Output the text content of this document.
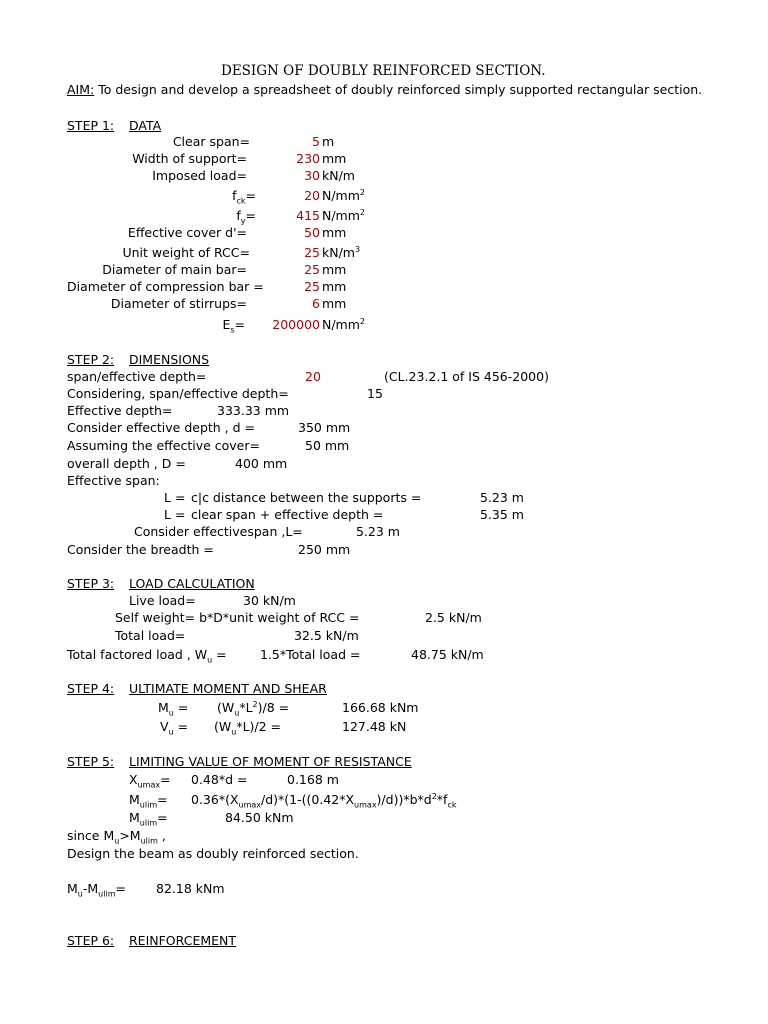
DESIGN OF DOUBLY REINFORCED SECTION.
AIM: To design and develop a spreadsheet of doubly reinforced simply supported rectangular section.
STEP 1: DATA
Clear span=	5 m
Width of support=	230 mm
Imposed load=	30 kN/m
$f_{ck}=$	20 $N/mm^2$
$f_y=$	415 $N/mm^2$
Effective cover d'=	50 mm
Unit weight of RCC=	25 $kN/m^3$
Diameter of main bar=	25 mm
Diameter of compression bar =	25 mm
Diameter of stirrups=	6 mm
$E_s= 200000$ $N/mm^2$
STEP 2: DIMENSIONS
span/effective depth=	20	(CL.23.2.1 of IS 456-2000)
Considering, span/effective depth=	15
Effective depth=	333.33 mm
Consider effective depth , d =	350 mm
Assuming the effective cover=	50 mm
overall depth , D =	400 mm
Effective span:
L = c|c distance between the supports =	5.23 m
L = clear span + effective depth =	5.35 m
Consider effectivespan ,L=	5.23 m
Consider the breadth =	250 mm
STEP 3: LOAD CALCULATION
Live load=	30 kN/m
Self weight= b*D*unit weight of RCC =	2.5 kN/m
Total load=	32.5 kN/m
Total factored load , $W_u$ =	1.5*Total load =	48.75 kN/m
STEP 4: ULTIMATE MOMENT AND SHEAR
$M_u = (W_u*L^2)/8$ =	166.68 kNm
$V_u = (W_u*L)/2$ =	127.48 kN
STEP 5: LIMITING VALUE OF MOMENT OF RESISTANCE
$X_{umax}= 0.48*d$ =	0.168 m
$M_{ulim}= 0.36*(X_{umax}/d)*(1-((0.42*X_{umax})/d))*b*d^2*f_{ck}$
$M_{ulim}=$	84.50 kNm
since $M_u>M_{ulim}$ ,
Design the beam as doubly reinforced section.
$M_u-M_{ulim}= 82.18$ kNm
STEP 6: REINFORCEMENT
